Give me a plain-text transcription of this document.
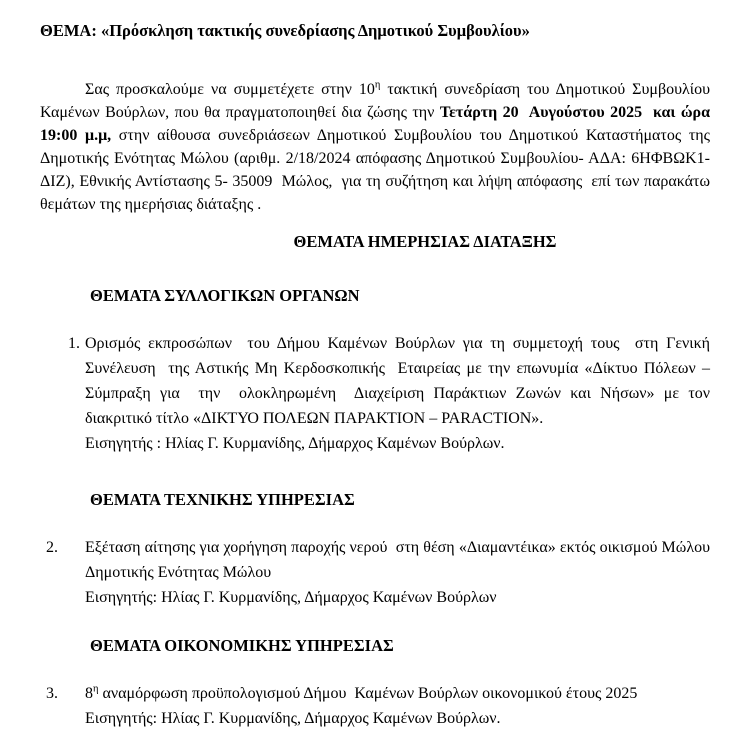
ΘΕΜΑ: «Πρόσκληση τακτικής συνεδρίασης Δημοτικού Συμβουλίου»

Σας προσκαλούμε να συμμετέχετε στην $10^\eta$ τακτική συνεδρίαση του Δημοτικού Συμβουλίου Καμένων Βούρλων, που θα πραγματοποιηθεί δια ζώσης την Τετάρτη 20  Αυγούστου 2025  και ώρα 19:00 μ.μ, στην αίθουσα συνεδριάσεων Δημοτικού Συμβουλίου του Δημοτικού Καταστήματος της Δημοτικής Ενότητας Μώλου (αριθμ. 2/18/2024 απόφασης Δημοτικού Συμβουλίου- ΑΔΑ: 6ΗΦΒΩΚ1-ΔΙΖ), Εθνικής Αντίστασης 5- 35009  Μώλος,  για τη συζήτηση και λήψη απόφασης  επί των παρακάτω θεμάτων της ημερήσιας διάταξης .

ΘΕΜΑΤΑ ΗΜΕΡΗΣΙΑΣ ΔΙΑΤΑΞΗΣ
ΘΕΜΑΤΑ ΣΥΛΛΟΓΙΚΩΝ ΟΡΓΑΝΩΝ
1. Ορισμός εκπροσώπων  του Δήμου Καμένων Βούρλων για τη συμμετοχή τους  στη Γενική Συνέλευση  της Αστικής Μη Κερδοσκοπικής  Εταιρείας με την επωνυμία «Δίκτυο Πόλεων – Σύμπραξη για  την  ολοκληρωμένη  Διαχείριση Παράκτιων Ζωνών και Νήσων» με τον διακριτικό τίτλο «ΔΙΚΤΥΟ ΠΟΛΕΩΝ ΠΑΡΑΚΤΙΟΝ – PARACTION».
Εισηγητής : Ηλίας Γ. Κυρμανίδης, Δήμαρχος Καμένων Βούρλων.
ΘΕΜΑΤΑ ΤΕΧΝΙΚΗΣ ΥΠΗΡΕΣΙΑΣ
2.	Εξέταση αίτησης για χορήγηση παροχής νερού  στη θέση «Διαμαντέικα» εκτός οικισμού Μώλου Δημοτικής Ενότητας Μώλου
Εισηγητής: Ηλίας Γ. Κυρμανίδης, Δήμαρχος Καμένων Βούρλων
ΘΕΜΑΤΑ ΟΙΚΟΝΟΜΙΚΗΣ ΥΠΗΡΕΣΙΑΣ
3.	$8^\eta$ αναμόρφωση προϋπολογισμού Δήμου  Καμένων Βούρλων οικονομικού έτους 2025
Εισηγητής: Ηλίας Γ. Κυρμανίδης, Δήμαρχος Καμένων Βούρλων.
